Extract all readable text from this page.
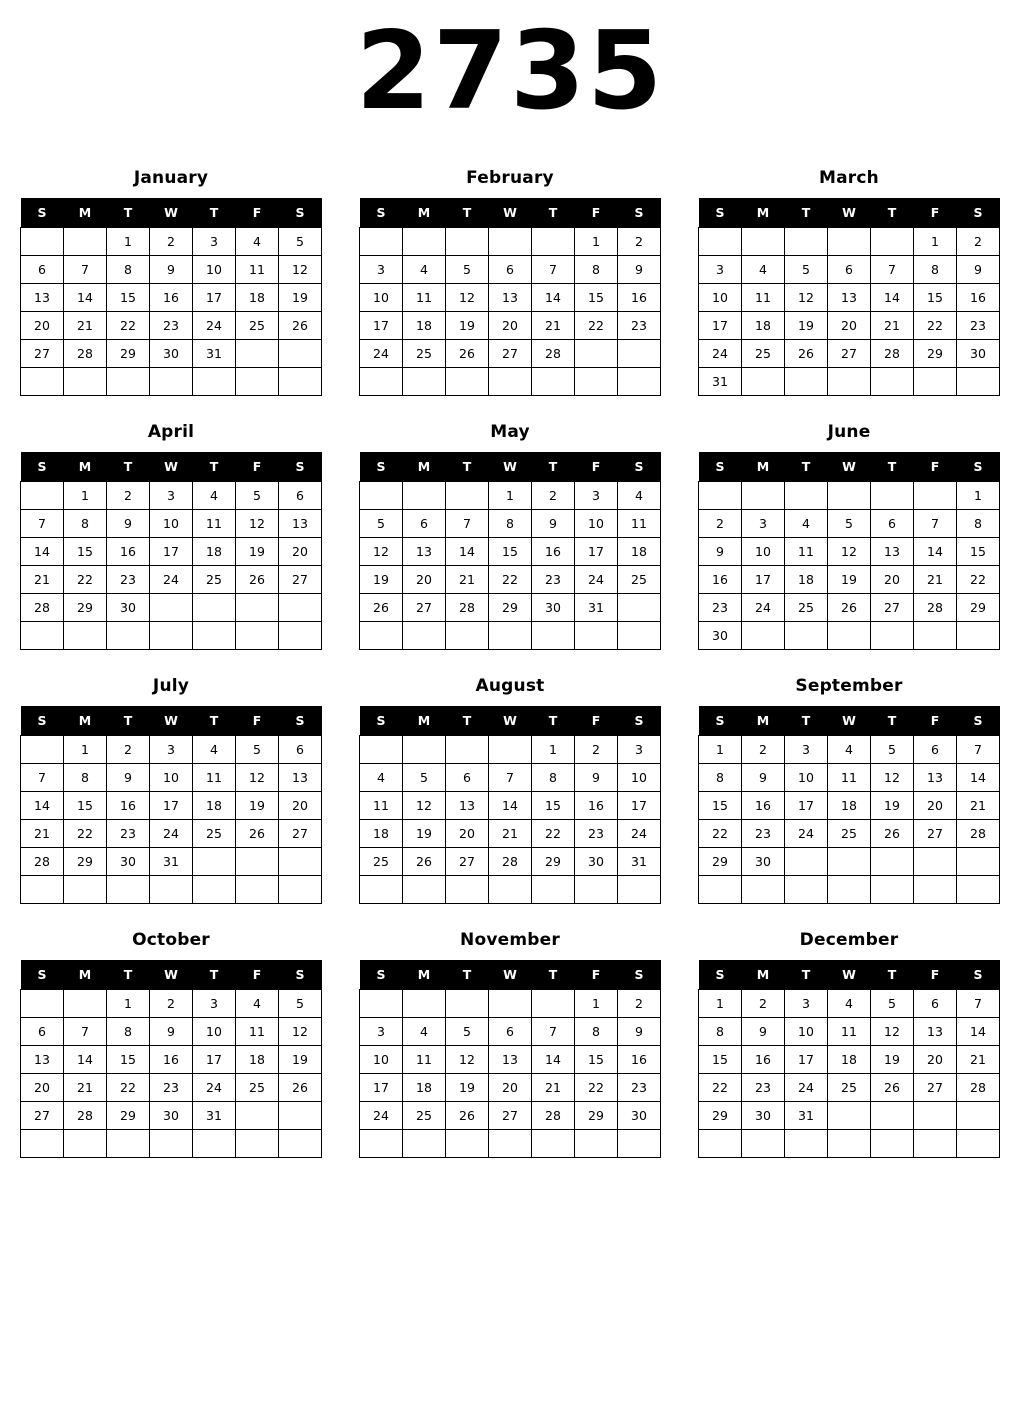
2735
January
S	M	T	W	T	F	S
		1	2	3	4	5
6	7	8	9	10	11	12
13	14	15	16	17	18	19
20	21	22	23	24	25	26
27	28	29	30	31		

February
S	M	T	W	T	F	S
					1	2
3	4	5	6	7	8	9
10	11	12	13	14	15	16
17	18	19	20	21	22	23
24	25	26	27	28		

March
S	M	T	W	T	F	S
					1	2
3	4	5	6	7	8	9
10	11	12	13	14	15	16
17	18	19	20	21	22	23
24	25	26	27	28	29	30
31						
April
S	M	T	W	T	F	S
	1	2	3	4	5	6
7	8	9	10	11	12	13
14	15	16	17	18	19	20
21	22	23	24	25	26	27
28	29	30				

May
S	M	T	W	T	F	S
			1	2	3	4
5	6	7	8	9	10	11
12	13	14	15	16	17	18
19	20	21	22	23	24	25
26	27	28	29	30	31	

June
S	M	T	W	T	F	S
						1
2	3	4	5	6	7	8
9	10	11	12	13	14	15
16	17	18	19	20	21	22
23	24	25	26	27	28	29
30						
July
S	M	T	W	T	F	S
	1	2	3	4	5	6
7	8	9	10	11	12	13
14	15	16	17	18	19	20
21	22	23	24	25	26	27
28	29	30	31			

August
S	M	T	W	T	F	S
				1	2	3
4	5	6	7	8	9	10
11	12	13	14	15	16	17
18	19	20	21	22	23	24
25	26	27	28	29	30	31

September
S	M	T	W	T	F	S
1	2	3	4	5	6	7
8	9	10	11	12	13	14
15	16	17	18	19	20	21
22	23	24	25	26	27	28
29	30					

October
S	M	T	W	T	F	S
		1	2	3	4	5
6	7	8	9	10	11	12
13	14	15	16	17	18	19
20	21	22	23	24	25	26
27	28	29	30	31		

November
S	M	T	W	T	F	S
					1	2
3	4	5	6	7	8	9
10	11	12	13	14	15	16
17	18	19	20	21	22	23
24	25	26	27	28	29	30

December
S	M	T	W	T	F	S
1	2	3	4	5	6	7
8	9	10	11	12	13	14
15	16	17	18	19	20	21
22	23	24	25	26	27	28
29	30	31				
